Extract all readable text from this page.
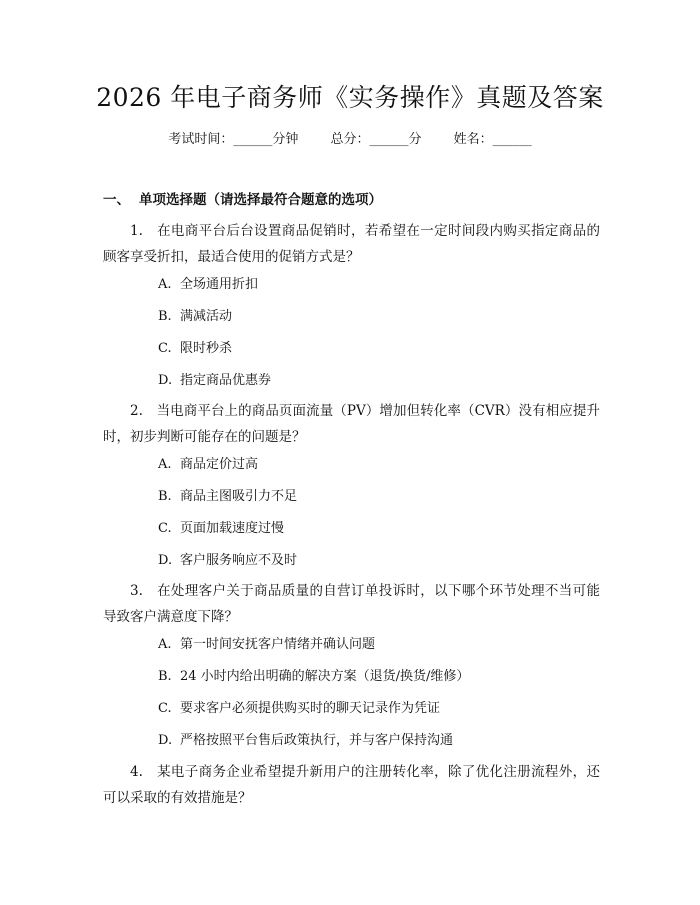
2026 年电子商务师《实务操作》真题及答案
考试时间：______分钟 总分：______分 姓名：______
一、 单项选择题（请选择最符合题意的选项）
1.　在电商平台后台设置商品促销时，若希望在一定时间段内购买指定商品的顾客享受折扣，最适合使用的促销方式是？
A. 全场通用折扣
B. 满减活动
C. 限时秒杀
D. 指定商品优惠券
2.　当电商平台上的商品页面流量（PV）增加但转化率（CVR）没有相应提升时，初步判断可能存在的问题是？
A. 商品定价过高
B. 商品主图吸引力不足
C. 页面加载速度过慢
D. 客户服务响应不及时
3.　在处理客户关于商品质量的自营订单投诉时，以下哪个环节处理不当可能导致客户满意度下降？
A. 第一时间安抚客户情绪并确认问题
B. 24 小时内给出明确的解决方案（退货/换货/维修）
C. 要求客户必须提供购买时的聊天记录作为凭证
D. 严格按照平台售后政策执行，并与客户保持沟通
4.　某电子商务企业希望提升新用户的注册转化率，除了优化注册流程外，还可以采取的有效措施是？
